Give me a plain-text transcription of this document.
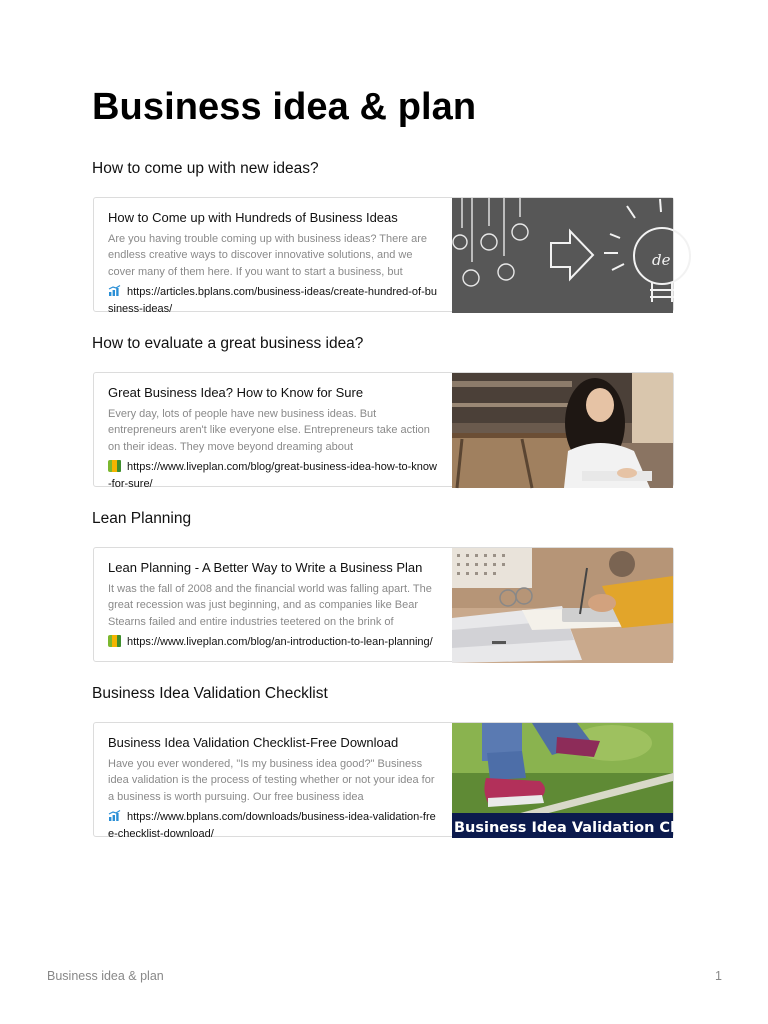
Business idea & plan
How to come up with new ideas?
How to Come up with Hundreds of Business Ideas
Are you having trouble coming up with business ideas? There are endless creative ways to discover innovative solutions, and we cover many of them here. If you want to start a business, but
https://articles.bplans.com/business-ideas/create-hundred-of-business-ideas/
de
How to evaluate a great business idea?
Great Business Idea? How to Know for Sure
Every day, lots of people have new business ideas. But entrepreneurs aren't like everyone else. Entrepreneurs take action on their ideas. They move beyond dreaming about
https://www.liveplan.com/blog/great-business-idea-how-to-know-for-sure/
Lean Planning
Lean Planning - A Better Way to Write a Business Plan
It was the fall of 2008 and the financial world was falling apart. The great recession was just beginning, and as companies like Bear Stearns failed and entire industries teetered on the brink of
https://www.liveplan.com/blog/an-introduction-to-lean-planning/
Business Idea Validation Checklist
Business Idea Validation Checklist-Free Download
Have you ever wondered, "Is my business idea good?" Business idea validation is the process of testing whether or not your idea for a business is worth pursuing. Our free business idea
https://www.bplans.com/downloads/business-idea-validation-free-checklist-download/	Business Idea Validation Chec
Business idea & plan	1
